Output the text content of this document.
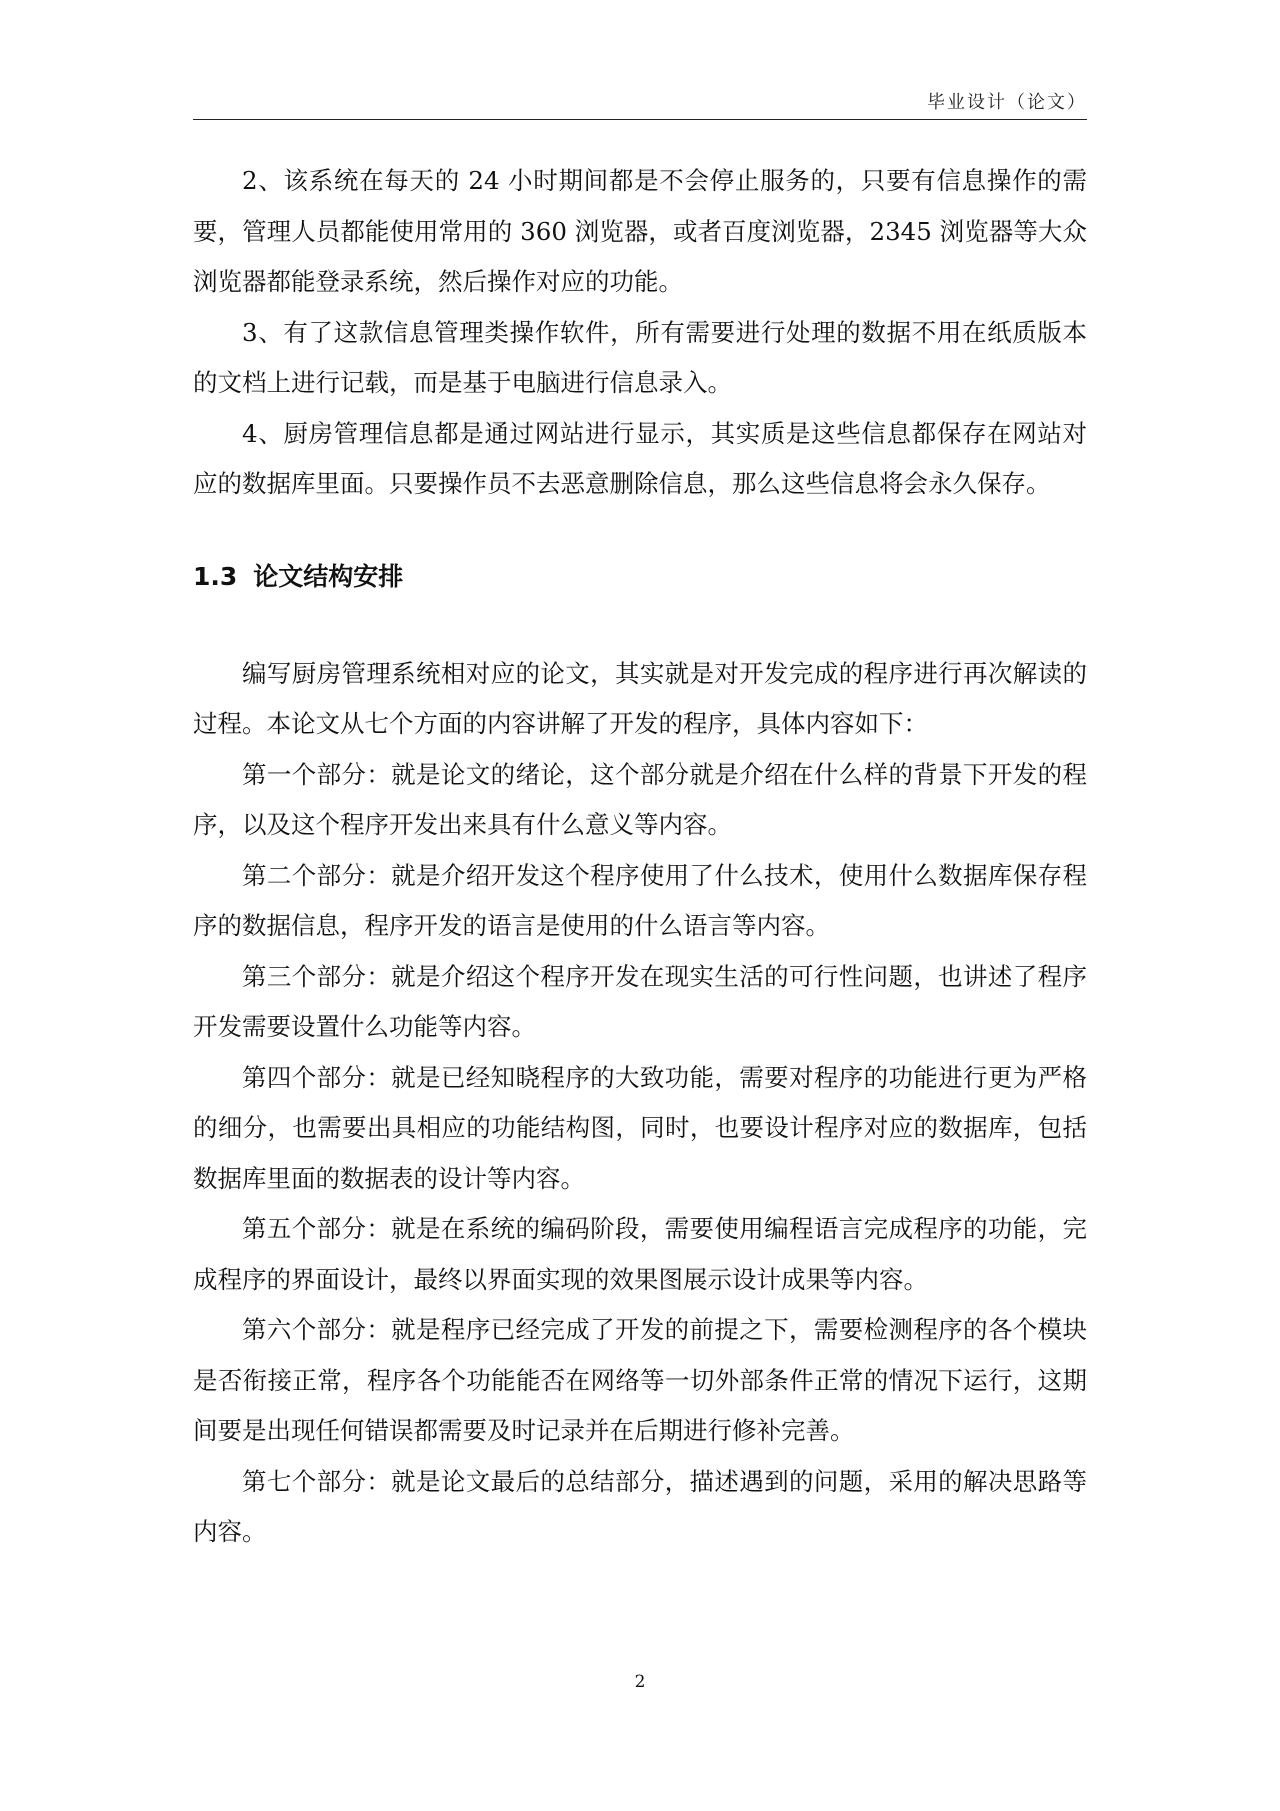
毕业设计（论文）

2、该系统在每天的 24 小时期间都是不会停止服务的，只要有信息操作的需要，管理人员都能使用常用的 360 浏览器，或者百度浏览器，2345 浏览器等大众浏览器都能登录系统，然后操作对应的功能。

3、有了这款信息管理类操作软件，所有需要进行处理的数据不用在纸质版本的文档上进行记载，而是基于电脑进行信息录入。

4、厨房管理信息都是通过网站进行显示，其实质是这些信息都保存在网站对应的数据库里面。只要操作员不去恶意删除信息，那么这些信息将会永久保存。

1.3 论文结构安排

编写厨房管理系统相对应的论文，其实就是对开发完成的程序进行再次解读的过程。本论文从七个方面的内容讲解了开发的程序，具体内容如下：

第一个部分：就是论文的绪论，这个部分就是介绍在什么样的背景下开发的程序，以及这个程序开发出来具有什么意义等内容。

第二个部分：就是介绍开发这个程序使用了什么技术，使用什么数据库保存程序的数据信息，程序开发的语言是使用的什么语言等内容。

第三个部分：就是介绍这个程序开发在现实生活的可行性问题，也讲述了程序开发需要设置什么功能等内容。

第四个部分：就是已经知晓程序的大致功能，需要对程序的功能进行更为严格的细分，也需要出具相应的功能结构图，同时，也要设计程序对应的数据库，包括数据库里面的数据表的设计等内容。

第五个部分：就是在系统的编码阶段，需要使用编程语言完成程序的功能，完成程序的界面设计，最终以界面实现的效果图展示设计成果等内容。

第六个部分：就是程序已经完成了开发的前提之下，需要检测程序的各个模块是否衔接正常，程序各个功能能否在网络等一切外部条件正常的情况下运行，这期间要是出现任何错误都需要及时记录并在后期进行修补完善。

第七个部分：就是论文最后的总结部分，描述遇到的问题，采用的解决思路等内容。

2
